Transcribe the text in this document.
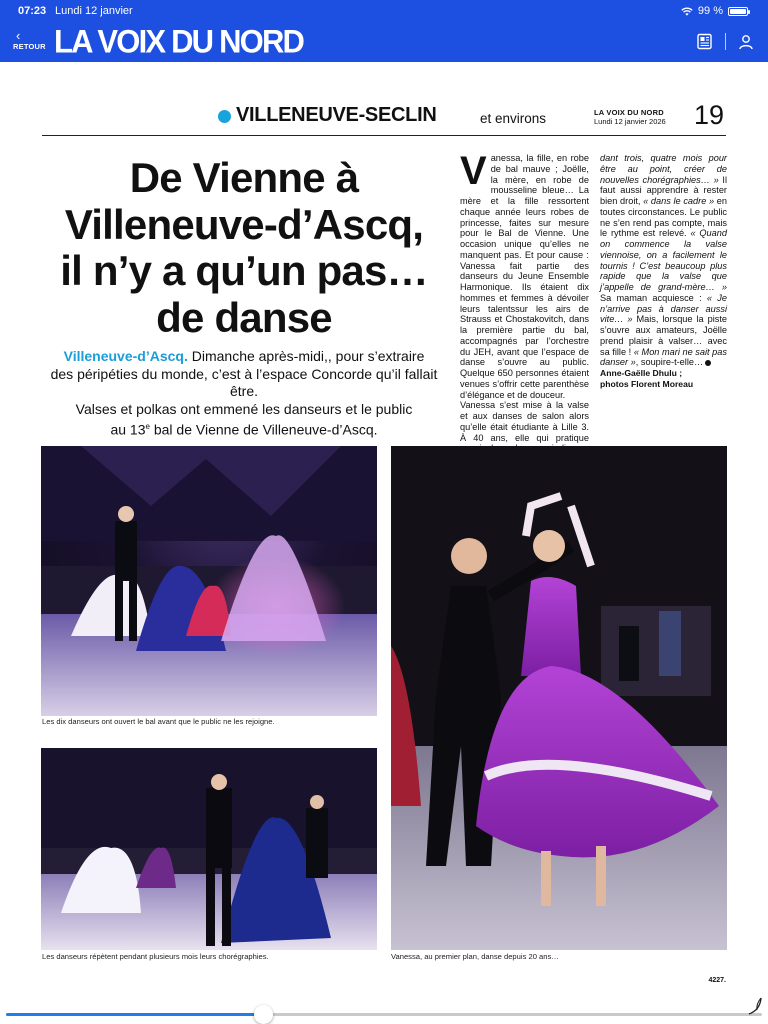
07:23 Lundi 12 janvier	99 %
‹
RETOUR LA VOIX DU NORD
VILLENEUVE-SECLIN	et environs	LA VOIX DU NORD
Lundi 12 janvier 2026 19
De Vienne à
Villeneuve-d’Ascq,
il n’y a qu’un pas…
de danse

Villeneuve-d’Ascq. Dimanche après-midi,, pour s’extraire
des péripéties du monde, c’est à l’espace Concorde qu’il fallait être.
Valses et polkas ont emmené les danseurs et le public
au 13e bal de Vienne de Villeneuve-d’Ascq.

V anessa, la fille, en robe de bal mauve ; Joëlle, la mère, en robe de mousseline bleue… La mère et la fille ressortent chaque année leurs robes de princesse, faites sur mesure pour le Bal de Vienne. Une occasion unique qu’elles ne manquent pas. Et pour cause : Vanessa fait partie des danseurs du Jeune Ensemble Harmonique. Ils étaient dix hommes et femmes à dévoiler leurs talentssur les airs de Strauss et Chostakovitch, dans la première partie du bal, accompagnés par l’orchestre du JEH, avant que l’espace de danse s’ouvre au public. Quelque 650 personnes étaient venues s’offrir cette parenthèse d’élégance et de douceur.
Vanessa s’est mise à la valse et aux danses de salon alors qu’elle était étudiante à Lille 3. À 40 ans, elle qui pratique
dant trois, quatre mois pour être au point, créer de nouvelles chorégraphies… » Il faut aussi apprendre à rester bien droit, « dans le cadre » en toutes circonstances. Le public ne s’en rend pas compte, mais le rythme est relevé. « Quand on commence la valse viennoise, on a facilement le tournis ! C’est beaucoup plus rapide que la valse que j’appelle de grand-mère… » Sa maman acquiesce : « Je n’arrive pas à danser aussi vite… » Mais, lorsque la piste s’ouvre aux amateurs, Joëlle prend plaisir à valser… avec sa fille ! « Mon mari ne sait pas danser », soupire-t-elle…
Anne-Gaëlle Dhulu ;
photos Florent Moreau
Les dix danseurs ont ouvert le bal avant que le public ne les rejoigne.
Les danseurs répètent pendant plusieurs mois leurs chorégraphies.	Vanessa, au premier plan, danse depuis 20 ans…
4227.
